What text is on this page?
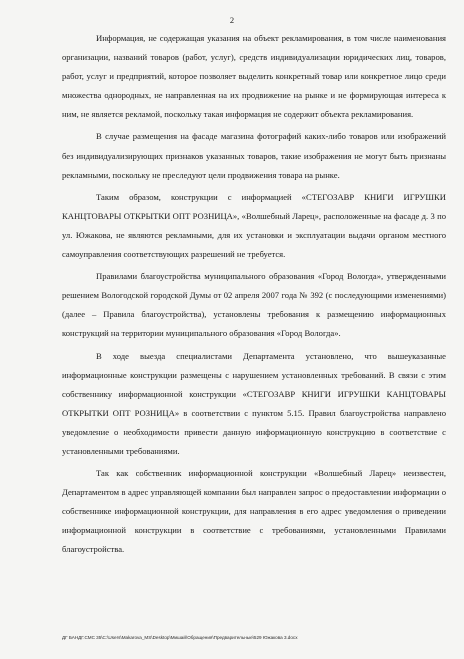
2

Информация, не содержащая указания на объект рекламирования, в том числе наименования организации, названий товаров (работ, услуг), средств индивидуализации юридических лиц, товаров, работ, услуг и предприятий, которое позволяет выделить конкретный товар или конкретное лицо среди множества однородных, не направленная на их продвижение на рынке и не формирующая интереса к ним, не является рекламой, поскольку такая информация не содержит объекта рекламирования.

В случае размещения на фасаде магазина фотографий каких-либо товаров или изображений без индивидуализирующих признаков указанных товаров, такие изображения не могут быть признаны рекламными, поскольку не преследуют цели продвижения товара на рынке.

Таким образом, конструкции с информацией «СТЕГОЗАВР КНИГИ ИГРУШКИ КАНЦТОВАРЫ ОТКРЫТКИ ОПТ РОЗНИЦА», «Волшебный Ларец», расположенные на фасаде д. 3 по ул. Южакова, не являются рекламными, для их установки и эксплуатации выдачи органом местного самоуправления соответствующих разрешений не требуется.

Правилами благоустройства муниципального образования «Город Вологда», утвержденными решением Вологодской городской Думы от 02 апреля 2007 года № 392 (с последующими изменениями) (далее – Правила благоустройства), установлены требования к размещению информационных конструкций на территории муниципального образования «Город Вологда».

В ходе выезда специалистами Департамента установлено, что вышеуказанные информационные конструкции размещены с нарушением установленных требований. В связи с этим собственнику информационной конструкции «СТЕГОЗАВР КНИГИ ИГРУШКИ КАНЦТОВАРЫ ОТКРЫТКИ ОПТ РОЗНИЦА» в соответствии с пунктом 5.15. Правил благоустройства направлено уведомление о необходимости привести данную информационную конструкцию в соответствие с установленными требованиями.

Так как собственник информационной конструкции «Волшебный Ларец» неизвестен, Департаментом в адрес управляющей компании был направлен запрос о предоставлении информации о собственнике информационной конструкции, для направления в его адрес уведомления о приведении информационной конструкции в соответствие с требованиями, установленными Правилами благоустройства.

ДГ БАНДГ.СМС 35\С:\Users\Makarova_MS\Desktop\Мишай\Обращения\Предварительные\529 Южакова 3.docx
